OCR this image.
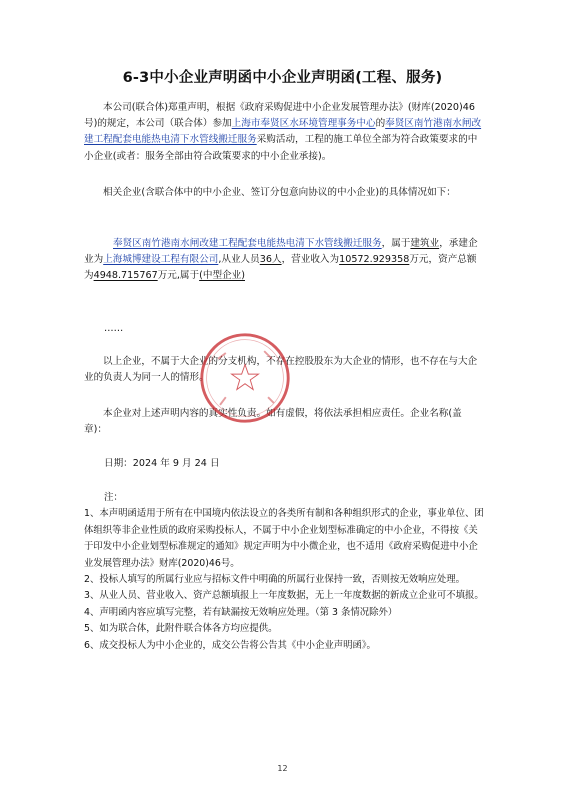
6-3中小企业声明函中小企业声明函(工程、服务)

本公司(联合体)郑重声明，根据《政府采购促进中小企业发展管理办法》(财库(2020)46号)的规定，本公司（联合体）参加上海市奉贤区水环境管理事务中心的奉贤区南竹港南水闸改建工程配套电能热电清下水管线搬迁服务采购活动，工程的施工单位全部为符合政策要求的中小企业(或者：服务全部由符合政策要求的中小企业承接)。

相关企业(含联合体中的中小企业、签订分包意向协议的中小企业)的具体情况如下：

奉贤区南竹港南水闸改建工程配套电能热电清下水管线搬迁服务，属于建筑业，承建企业为上海城博建设工程有限公司,从业人员36人，营业收入为10572.929358万元，资产总额为4948.715767万元,属于(中型企业)

……

以上企业，不属于大企业的分支机构，不存在控股股东为大企业的情形，也不存在与大企业的负责人为同一人的情形。

本企业对上述声明内容的真实性负责。如有虚假，将依法承担相应责任。企业名称(盖章)：

日期：2024 年 9 月 24 日

注：

1、本声明函适用于所有在中国境内依法设立的各类所有制和各种组织形式的企业，事业单位、团体组织等非企业性质的政府采购投标人，不属于中小企业划型标准确定的中小企业，不得按《关于印发中小企业划型标准规定的通知》规定声明为中小微企业，也不适用《政府采购促进中小企业发展管理办法》财库(2020)46号。

2、投标人填写的所属行业应与招标文件中明确的所属行业保持一致，否则按无效响应处理。

3、从业人员、营业收入、资产总额填报上一年度数据，无上一年度数据的新成立企业可不填报。

4、声明函内容应填写完整，若有缺漏按无效响应处理。（第 3 条情况除外）

5、如为联合体，此附件联合体各方均应提供。

6、成交投标人为中小企业的，成交公告将公告其《中小企业声明函》。

12
